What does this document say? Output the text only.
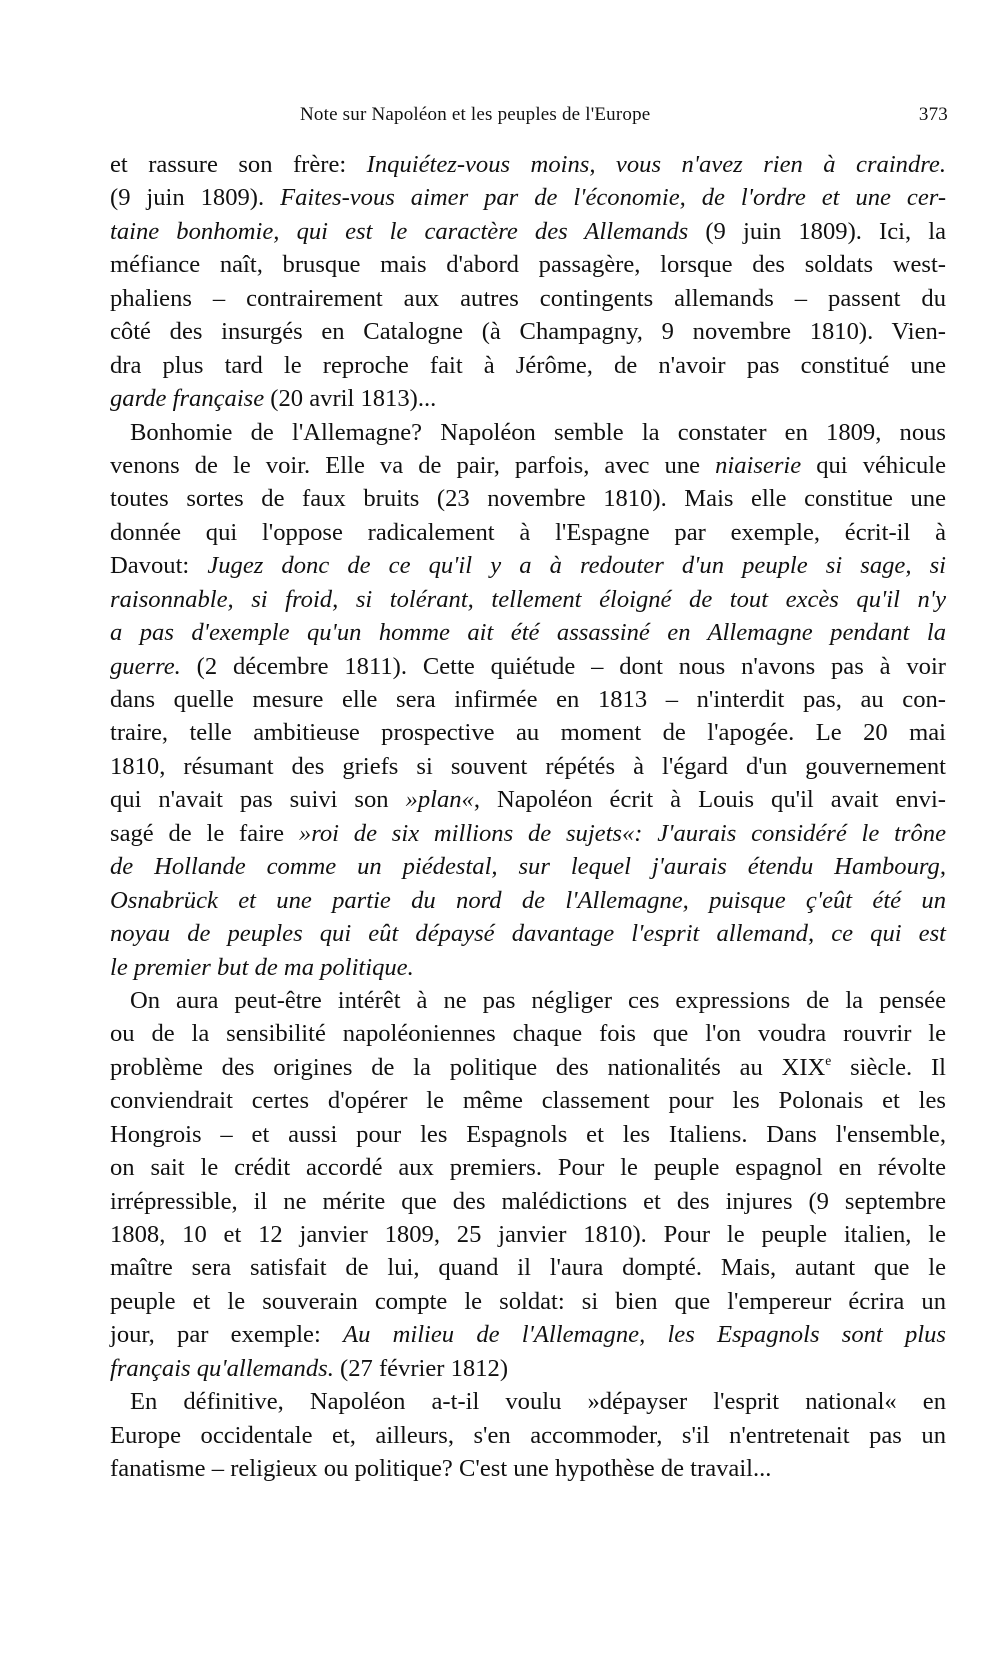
Note sur Napoléon et les peuples de l'Europe	373
et rassure son frère: Inquiétez-vous moins, vous n'avez rien à craindre.
(9 juin 1809). Faites-vous aimer par de l'économie, de l'ordre et une cer-
taine bonhomie, qui est le caractère des Allemands (9 juin 1809). Ici, la
méfiance naît, brusque mais d'abord passagère, lorsque des soldats west-
phaliens – contrairement aux autres contingents allemands – passent du
côté des insurgés en Catalogne (à Champagny, 9 novembre 1810). Vien-
dra plus tard le reproche fait à Jérôme, de n'avoir pas constitué une
garde française (20 avril 1813)...
Bonhomie de l'Allemagne? Napoléon semble la constater en 1809, nous
venons de le voir. Elle va de pair, parfois, avec une niaiserie qui véhicule
toutes sortes de faux bruits (23 novembre 1810). Mais elle constitue une
donnée qui l'oppose radicalement à l'Espagne par exemple, écrit-il à
Davout: Jugez donc de ce qu'il y a à redouter d'un peuple si sage, si
raisonnable, si froid, si tolérant, tellement éloigné de tout excès qu'il n'y
a pas d'exemple qu'un homme ait été assassiné en Allemagne pendant la
guerre. (2 décembre 1811). Cette quiétude – dont nous n'avons pas à voir
dans quelle mesure elle sera infirmée en 1813 – n'interdit pas, au con-
traire, telle ambitieuse prospective au moment de l'apogée. Le 20 mai
1810, résumant des griefs si souvent répétés à l'égard d'un gouvernement
qui n'avait pas suivi son »plan«, Napoléon écrit à Louis qu'il avait envi-
sagé de le faire »roi de six millions de sujets«: J'aurais considéré le trône
de Hollande comme un piédestal, sur lequel j'aurais étendu Hambourg,
Osnabrück et une partie du nord de l'Allemagne, puisque ç'eût été un
noyau de peuples qui eût dépaysé davantage l'esprit allemand, ce qui est
le premier but de ma politique.
On aura peut-être intérêt à ne pas négliger ces expressions de la pensée
ou de la sensibilité napoléoniennes chaque fois que l'on voudra rouvrir le
problème des origines de la politique des nationalités au XIXe siècle. Il
conviendrait certes d'opérer le même classement pour les Polonais et les
Hongrois – et aussi pour les Espagnols et les Italiens. Dans l'ensemble,
on sait le crédit accordé aux premiers. Pour le peuple espagnol en révolte
irrépressible, il ne mérite que des malédictions et des injures (9 septembre
1808, 10 et 12 janvier 1809, 25 janvier 1810). Pour le peuple italien, le
maître sera satisfait de lui, quand il l'aura dompté. Mais, autant que le
peuple et le souverain compte le soldat: si bien que l'empereur écrira un
jour, par exemple: Au milieu de l'Allemagne, les Espagnols sont plus
français qu'allemands. (27 février 1812)
En définitive, Napoléon a-t-il voulu »dépayser l'esprit national« en
Europe occidentale et, ailleurs, s'en accommoder, s'il n'entretenait pas un
fanatisme – religieux ou politique? C'est une hypothèse de travail...
